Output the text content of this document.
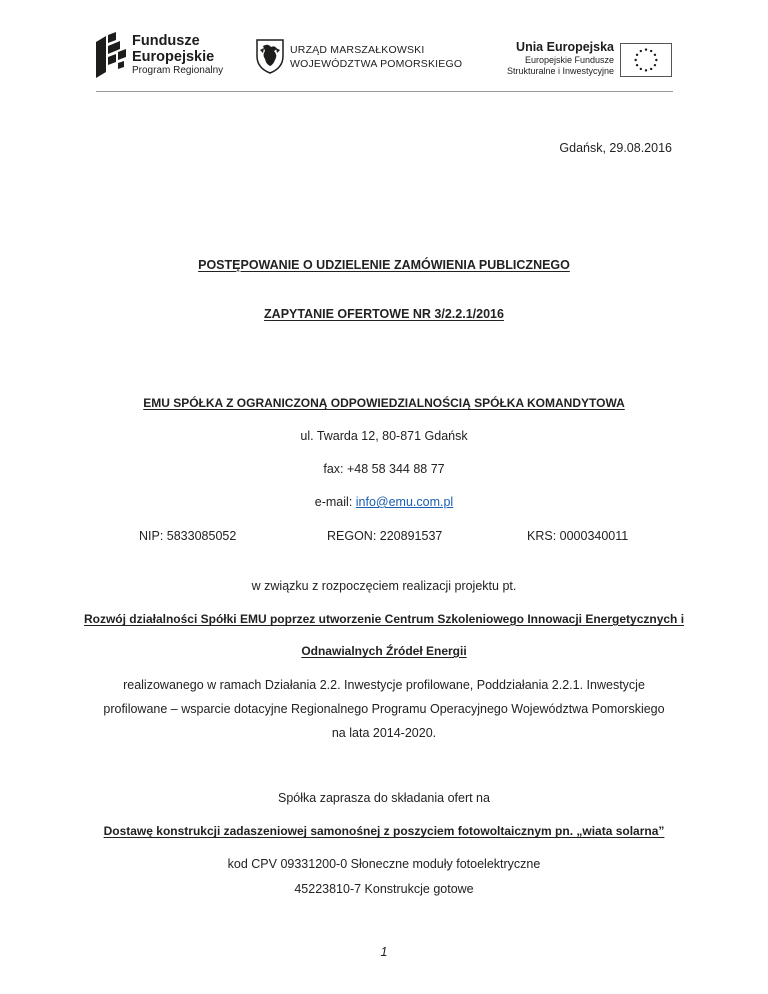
Fundusze
Europejskie
Program Regionalny
URZĄD MARSZAŁKOWSKI
WOJEWÓDZTWA POMORSKIEGO
Unia Europejska
Europejskie Fundusze
Strukturalne i Inwestycyjne
Gdańsk, 29.08.2016
POSTĘPOWANIE O UDZIELENIE ZAMÓWIENIA PUBLICZNEGO
ZAPYTANIE OFERTOWE NR 3/2.2.1/2016
EMU SPÓŁKA Z OGRANICZONĄ ODPOWIEDZIALNOŚCIĄ SPÓŁKA KOMANDYTOWA
ul. Twarda 12, 80-871 Gdańsk
fax: +48 58 344 88 77
e-mail: info@emu.com.pl
NIP: 5833085052	REGON: 220891537	KRS: 0000340011
w związku z rozpoczęciem realizacji projektu pt.
Rozwój działalności Spółki EMU poprzez utworzenie Centrum Szkoleniowego Innowacji Energetycznych i
Odnawialnych Źródeł Energii
realizowanego w ramach Działania 2.2. Inwestycje profilowane, Poddziałania 2.2.1. Inwestycje
profilowane – wsparcie dotacyjne Regionalnego Programu Operacyjnego Województwa Pomorskiego
na lata 2014-2020.
Spółka zaprasza do składania ofert na
Dostawę konstrukcji zadaszeniowej samonośnej z poszyciem fotowoltaicznym pn. „wiata solarna”
kod CPV 09331200-0 Słoneczne moduły fotoelektryczne
45223810-7 Konstrukcje gotowe
1
